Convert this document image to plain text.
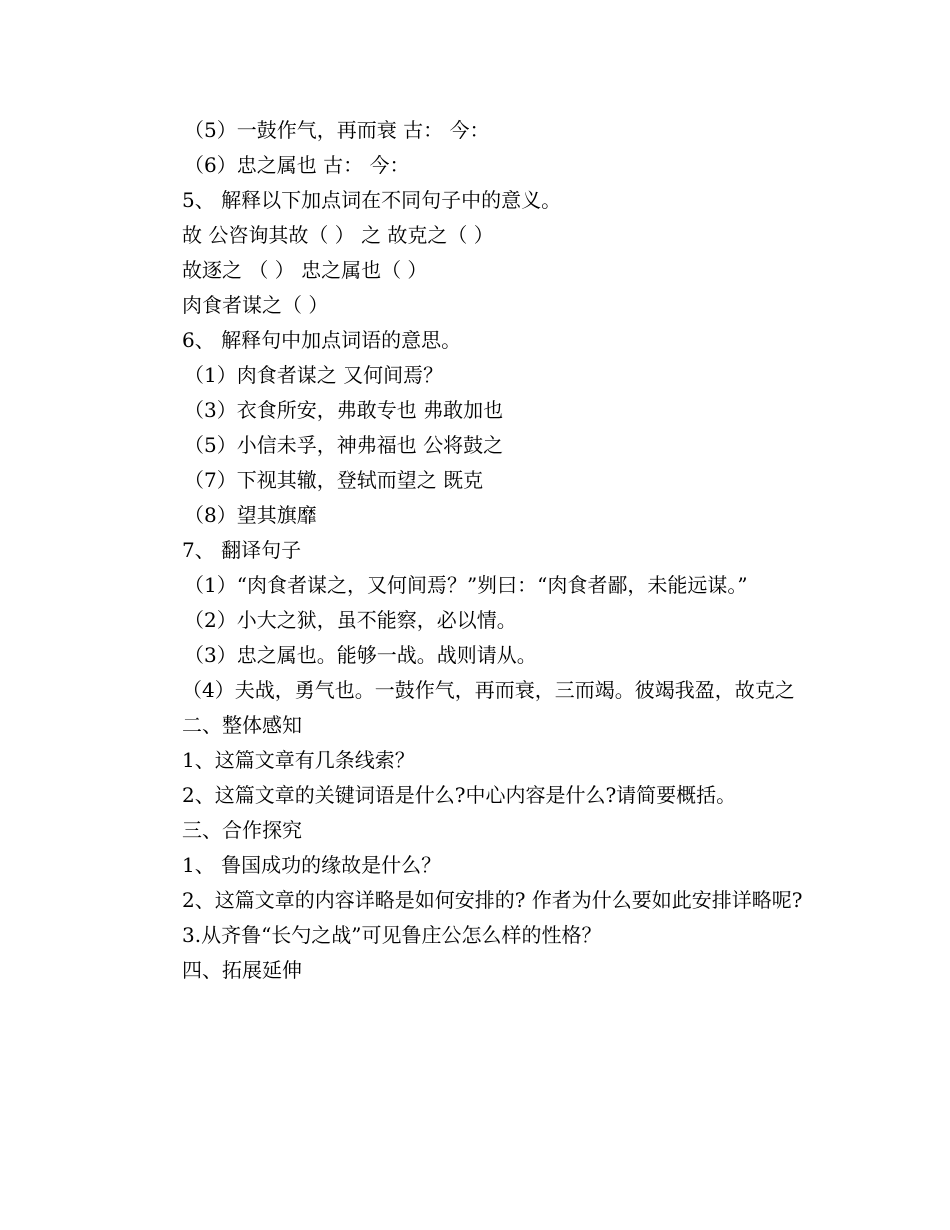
（5）一鼓作气，再而衰 古： 今：
（6）忠之属也 古： 今：
5、 解释以下加点词在不同句子中的意义。
故 公咨询其故（ ） 之 故克之（ ）
故逐之 （ ） 忠之属也（ ）
肉食者谋之（ ）
6、 解释句中加点词语的意思。
（1）肉食者谋之 又何间焉？
（3）衣食所安，弗敢专也 弗敢加也
（5）小信未孚，神弗福也 公将鼓之
（7）下视其辙，登轼而望之 既克
（8）望其旗靡
7、 翻译句子
（1）“肉食者谋之，又何间焉？”刿曰：“肉食者鄙，未能远谋。”
（2）小大之狱，虽不能察，必以情。
（3）忠之属也。能够一战。战则请从。
（4）夫战，勇气也。一鼓作气，再而衰，三而竭。彼竭我盈，故克之
二、整体感知
1、这篇文章有几条线索？
2、这篇文章的关键词语是什么?中心内容是什么?请简要概括。
三、合作探究
1、 鲁国成功的缘故是什么？
2、这篇文章的内容详略是如何安排的? 作者为什么要如此安排详略呢?
3.从齐鲁“长勺之战”可见鲁庄公怎么样的性格？
四、拓展延伸
